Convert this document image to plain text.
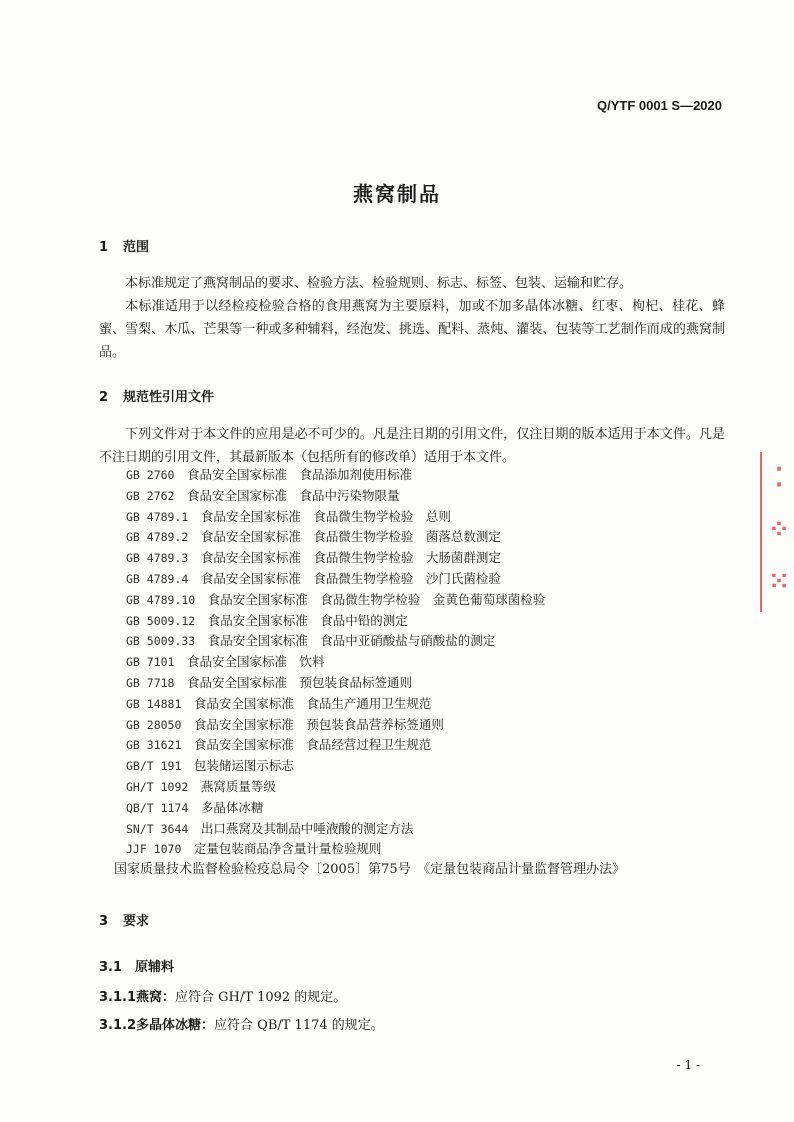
Q/YTF 0001 S—2020
燕窝制品
1 范围

本标准规定了燕窝制品的要求、检验方法、检验规则、标志、标签、包装、运输和贮存。

本标准适用于以经检疫检验合格的食用燕窝为主要原料，加或不加多晶体冰糖、红枣、枸杞、桂花、蜂蜜、雪梨、木瓜、芒果等一种或多种辅料，经泡发、挑选、配料、蒸炖、灌装、包装等工艺制作而成的燕窝制品。

2 规范性引用文件

下列文件对于本文件的应用是必不可少的。凡是注日期的引用文件，仅注日期的版本适用于本文件。凡是不注日期的引用文件，其最新版本（包括所有的修改单）适用于本文件。

GB 2760　 食品安全国家标准　食品添加剂使用标准
GB 2762　 食品安全国家标准　食品中污染物限量
GB 4789.1　 食品安全国家标准　食品微生物学检验　总则
GB 4789.2　 食品安全国家标准　食品微生物学检验　菌落总数测定
GB 4789.3　 食品安全国家标准　食品微生物学检验　大肠菌群测定
GB 4789.4　 食品安全国家标准　食品微生物学检验　沙门氏菌检验
GB 4789.10　 食品安全国家标准　食品微生物学检验　金黄色葡萄球菌检验
GB 5009.12　 食品安全国家标准　食品中铅的测定
GB 5009.33　 食品安全国家标准　食品中亚硝酸盐与硝酸盐的测定
GB 7101　 食品安全国家标准　饮料
GB 7718　 食品安全国家标准　预包装食品标签通则
GB 14881　 食品安全国家标准　食品生产通用卫生规范
GB 28050　 食品安全国家标准　预包装食品营养标签通则
GB 31621　 食品安全国家标准　食品经营过程卫生规范
GB/T 191　 包装储运图示标志
GH/T 1092　 燕窝质量等级
QB/T 1174　 多晶体冰糖
SN/T 3644　 出口燕窝及其制品中唾液酸的测定方法
JJF 1070　 定量包装商品净含量计量检验规则
国家质量技术监督检验检疫总局令〔2005〕第75号　《定量包装商品计量监督管理办法》
3 要求
3.1 原辅料
3.1.1燕窝：应符合 GH/T 1092 的规定。
3.1.2多晶体冰糖：应符合 QB/T 1174 的规定。
- 1 -
⁚
⁘
⁙
